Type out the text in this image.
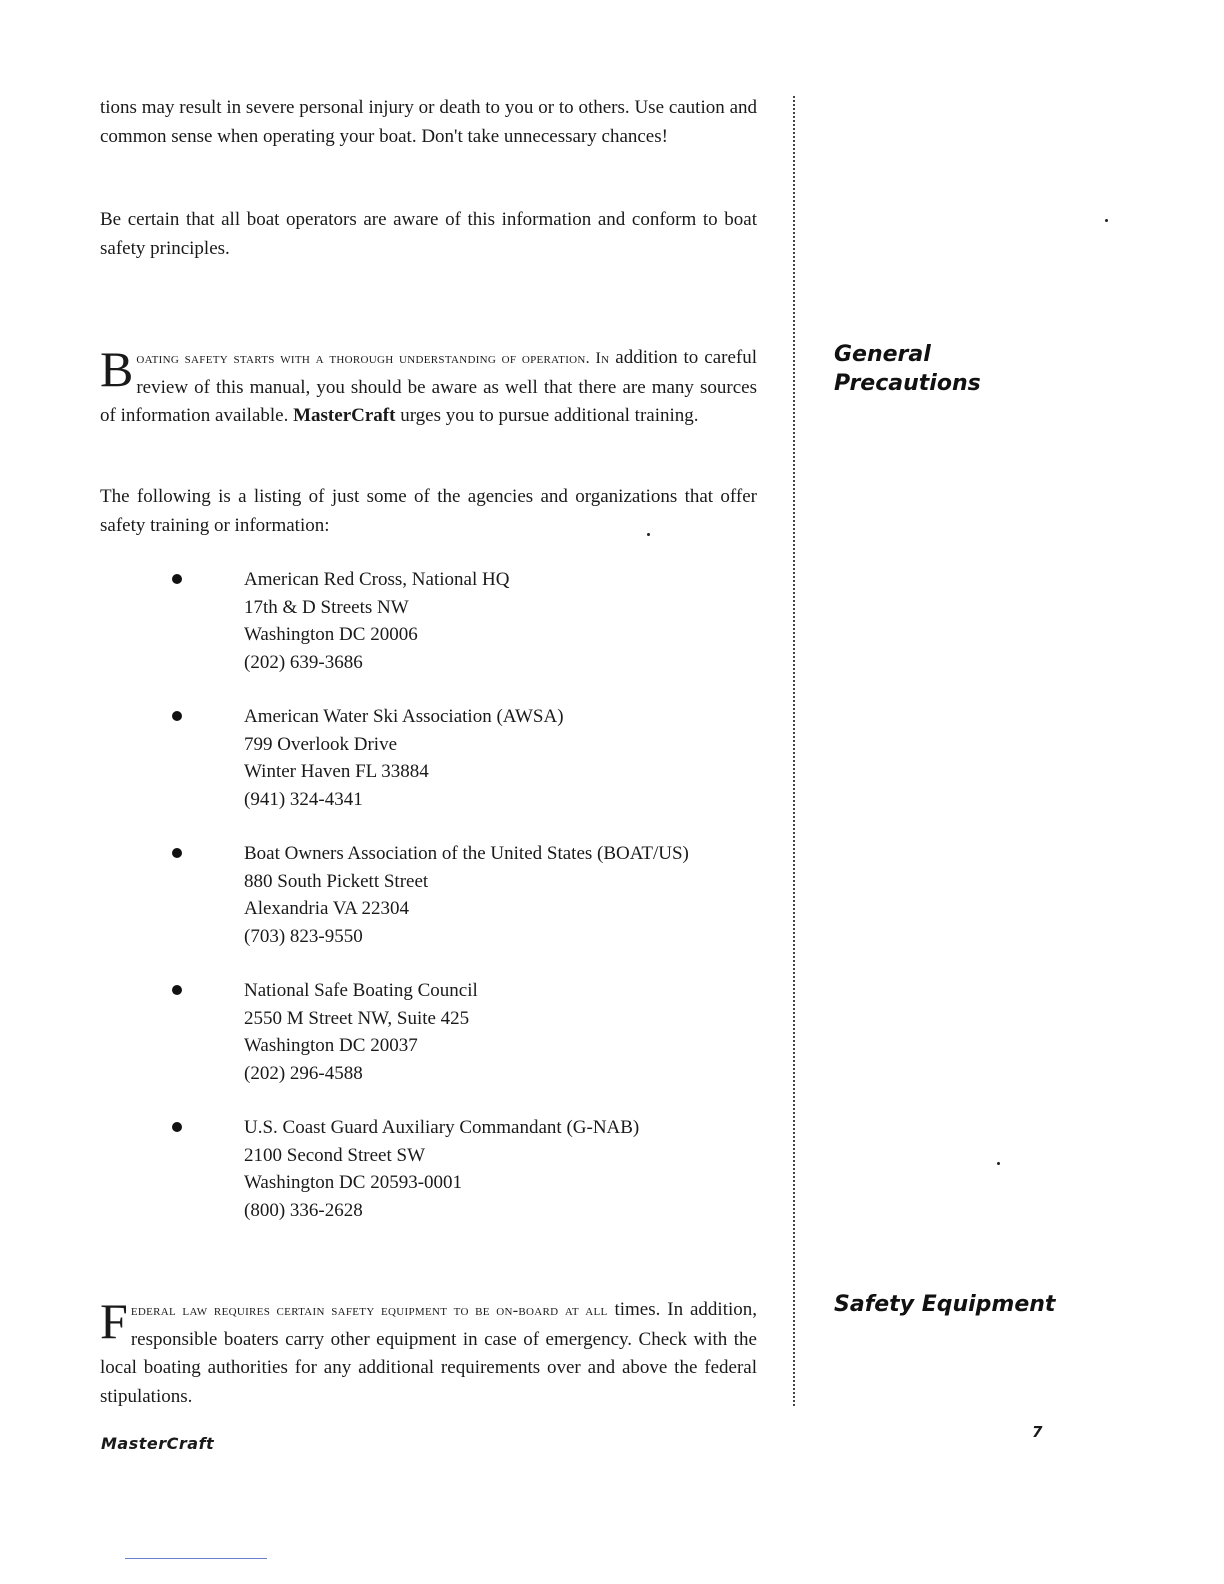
tions may result in severe personal injury or death to you or to others. Use caution and common sense when operating your boat. Don't take unnecessary chances!
Be certain that all boat operators are aware of this information and conform to boat safety principles.
Boating safety starts with a thorough understanding of operation. In addition to careful review of this manual, you should be aware as well that there are many sources of information available. MasterCraft urges you to pursue additional training.
The following is a listing of just some of the agencies and organizations that offer safety training or information:
American Red Cross, National HQ
17th & D Streets NW
Washington DC 20006
(202) 639-3686
American Water Ski Association (AWSA)
799 Overlook Drive
Winter Haven FL 33884
(941) 324-4341
Boat Owners Association of the United States (BOAT/US)
880 South Pickett Street
Alexandria VA 22304
(703) 823-9550
National Safe Boating Council
2550 M Street NW, Suite 425
Washington DC 20037
(202) 296-4588
U.S. Coast Guard Auxiliary Commandant (G-NAB)
2100 Second Street SW
Washington DC 20593-0001
(800) 336-2628
Federal law requires certain safety equipment to be on-board at all times. In addition, responsible boaters carry other equipment in case of emergency. Check with the local boating authorities for any additional requirements over and above the federal stipulations.
General
Precautions
Safety Equipment
MasterCraft
7
